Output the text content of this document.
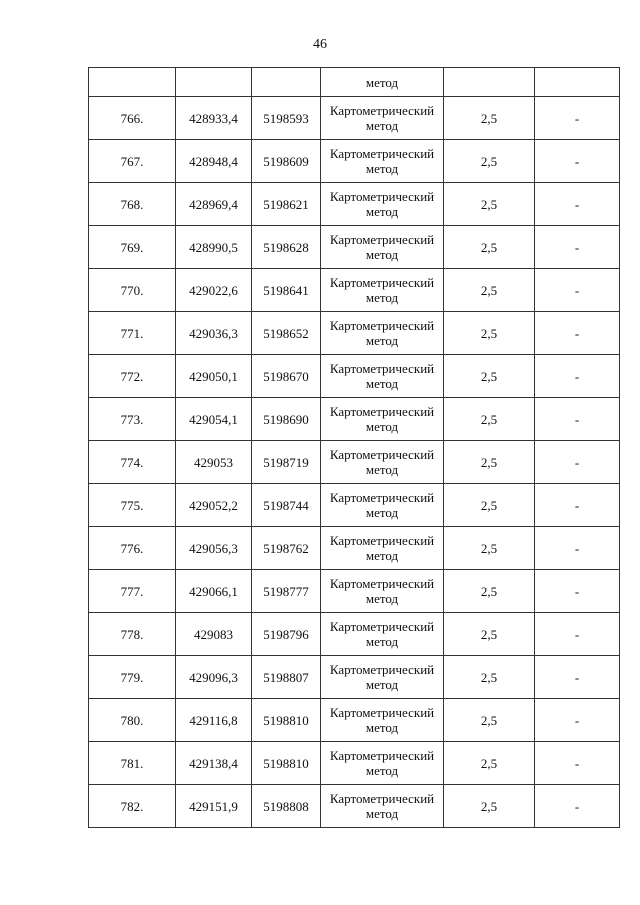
46
			метод		
766.	428933,4	5198593	Картометрический
метод	2,5	-
767.	428948,4	5198609	Картометрический
метод	2,5	-
768.	428969,4	5198621	Картометрический
метод	2,5	-
769.	428990,5	5198628	Картометрический
метод	2,5	-
770.	429022,6	5198641	Картометрический
метод	2,5	-
771.	429036,3	5198652	Картометрический
метод	2,5	-
772.	429050,1	5198670	Картометрический
метод	2,5	-
773.	429054,1	5198690	Картометрический
метод	2,5	-
774.	429053	5198719	Картометрический
метод	2,5	-
775.	429052,2	5198744	Картометрический
метод	2,5	-
776.	429056,3	5198762	Картометрический
метод	2,5	-
777.	429066,1	5198777	Картометрический
метод	2,5	-
778.	429083	5198796	Картометрический
метод	2,5	-
779.	429096,3	5198807	Картометрический
метод	2,5	-
780.	429116,8	5198810	Картометрический
метод	2,5	-
781.	429138,4	5198810	Картометрический
метод	2,5	-
782.	429151,9	5198808	Картометрический
метод	2,5	-
